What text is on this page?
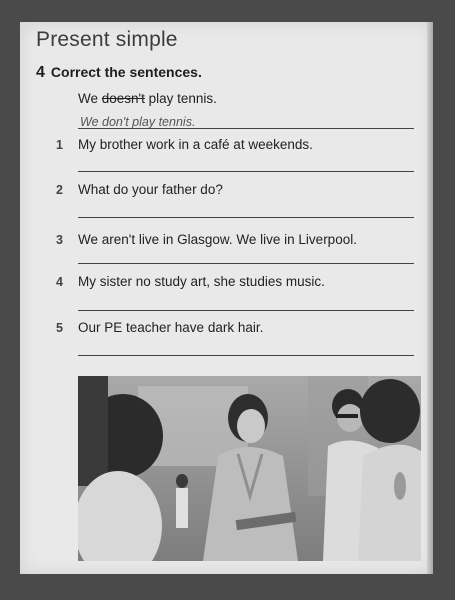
Present simple
4 Correct the sentences.
We doesn't play tennis.
We don't play tennis.
1 My brother work in a café at weekends.
2 What do your father do?
3 We aren't live in Glasgow. We live in Liverpool.
4 My sister no study art, she studies music.
5 Our PE teacher have dark hair.
